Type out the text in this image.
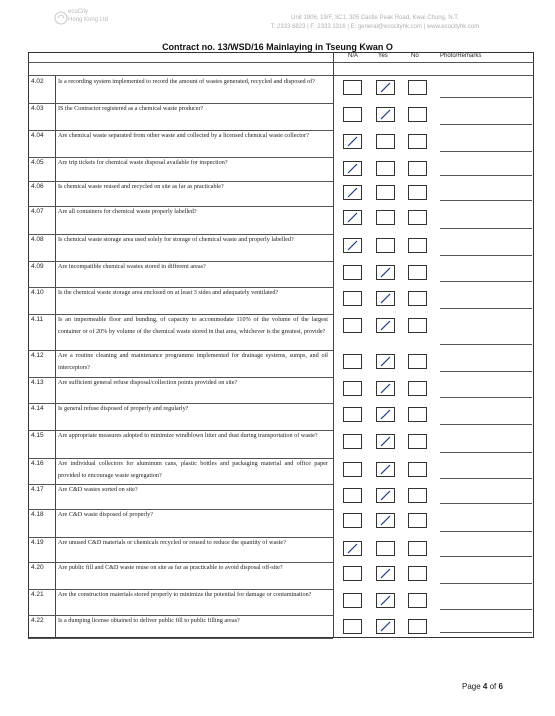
ecoCity
Hong Kong Ltd	Unit 1906, 19/F, 3C1, 305 Castle Peak Road, Kwai Chung, N.T.
T: 2333 6823 | F: 2333 1316 | E: general@ecocityhk.com | www.ecocityhk.com
Contract no. 13/WSD/16 Mainlaying in Tseung Kwan O
N/A	Yes	No	Photo/Remarks
4.02 Is a recording system implemented to record the amount of wastes generated, recycled and disposed of?
4.03 IS the Contractor registered as a chemical waste producer?
4.04 Are chemical waste separated from other waste and collected by a licensed chemical waste collector?
4.05 Are trip tickets for chemical waste disposal available for inspection?
4.06 Is chemical waste reused and recycled on site as far as practicable?
4.07 Are all containers for chemical waste properly labelled?
4.08 Is chemical waste storage area used solely for storage of chemical waste and properly labelled?
4.09 Are incompatible chemical wastes stored in different areas?
4.10 Is the chemical waste storage area enclosed on at least 3 sides and adequately ventilated?
4.11 Is an impermeable floor and bunding, of capacity to accommodate 110% of the volume of the largest container or of 20% by volume of the chemical waste stored in that area, whichever is the greatest, provide?
4.12 Are a routine cleaning and maintenance programme implemented for drainage systems, sumps, and oil interceptors?
4.13 Are sufficient general refuse disposal/collection points provided on site?
4.14 Is general refuse disposed of properly and regularly?
4.15 Are appropriate measures adopted to minimize windblown litter and dust during transportation of waste?
4.16 Are individual collectors for aluminum cans, plastic bottles and packaging material and office paper provided to encourage waste segregation?
4.17 Are C&D wastes sorted on site?
4.18 Are C&D waste disposed of properly?
4.19 Are unused C&D materials or chemicals recycled or reused to reduce the quantity of waste?
4.20 Are public fill and C&D waste reuse on site as far as practicable to avoid disposal off-site?
4.21 Are the construction materials stored properly to minimize the potential for damage or contamination?
4.22 Is a dumping license obtained to deliver public fill to public filling areas?
Page 4 of 6
